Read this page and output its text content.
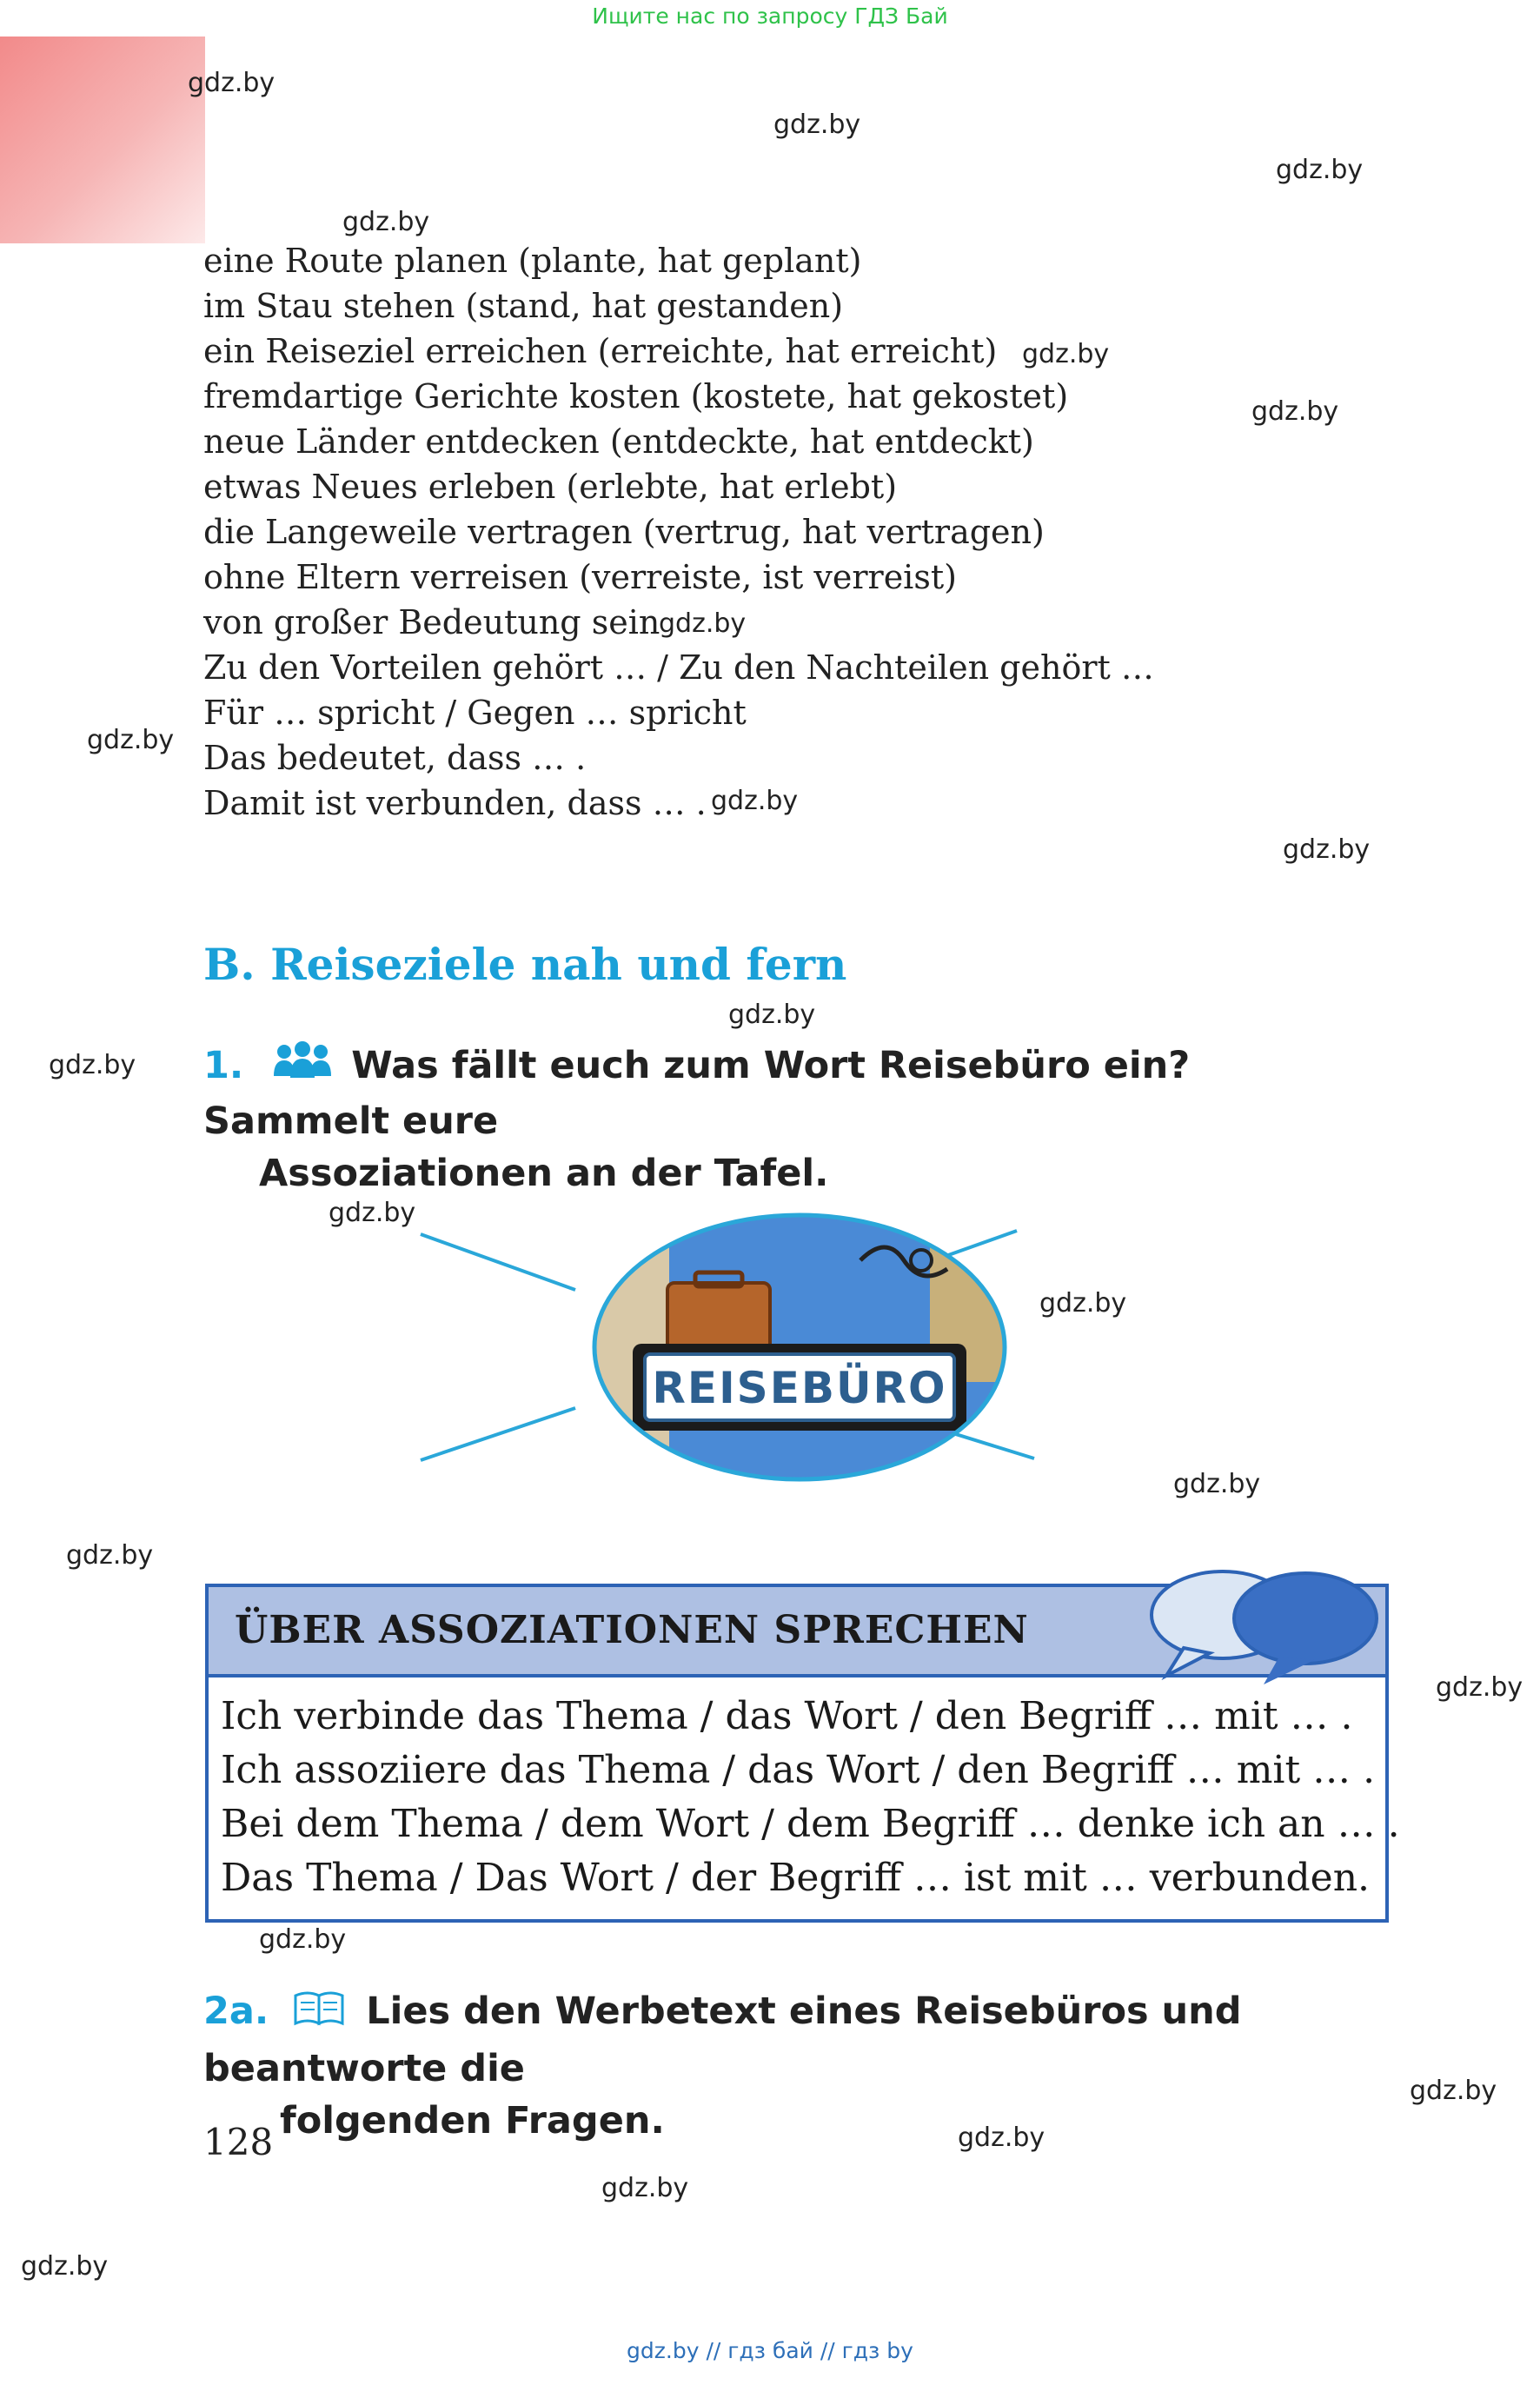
Ищите нас по запросу ГДЗ Бай
gdz.by
gdz.by
gdz.by
gdz.by
gdz.by
gdz.by
gdz.by
gdz.by
gdz.by
gdz.by
gdz.by
gdz.by
gdz.by
gdz.by
gdz.by
gdz.by
gdz.by
gdz.by
gdz.by
gdz.by
gdz.by
gdz.by
eine Route planen (plante, hat geplant)
im Stau stehen (stand, hat gestanden)
ein Reiseziel erreichen (erreichte, hat erreicht)
fremdartige Gerichte kosten (kostete, hat gekostet)
neue Länder entdecken (entdeckte, hat entdeckt)
etwas Neues erleben (erlebte, hat erlebt)
die Langeweile vertragen (vertrug, hat vertragen)
ohne Eltern verreisen (verreiste, ist verreist)
von großer Bedeutung sein
Zu den Vorteilen gehört … / Zu den Nachteilen gehört …
Für … spricht / Gegen … spricht
Das bedeutet, dass … .
Damit ist verbunden, dass … .
B. Reiseziele nah und fern
1.	Was fällt euch zum Wort Reisebüro ein? Sammelt eure
Assoziationen an der Tafel.
REISEBÜRO
ÜBER ASSOZIATIONEN SPRECHEN
Ich verbinde das Thema / das Wort / den Begriff … mit … .
Ich assoziiere das Thema / das Wort / den Begriff … mit … .
Bei dem Thema / dem Wort / dem Begriff … denke ich an … .
Das Thema / Das Wort / der Begriff … ist mit … verbunden.
2a.	Lies den Werbetext eines Reisebüros und beantworte die
folgenden Fragen.
128
gdz.by // гдз бай // гдз by
